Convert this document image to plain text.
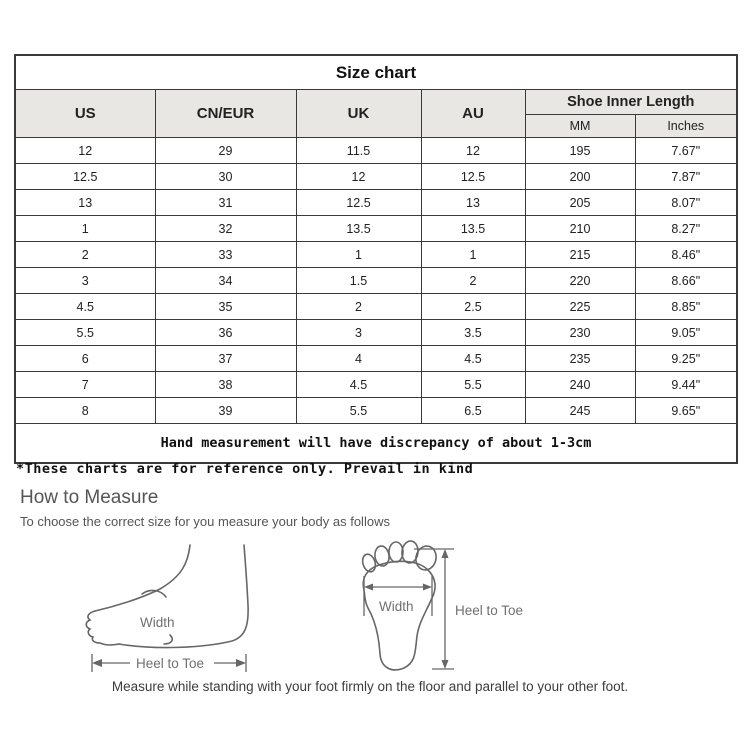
Size chart					
US	CN/EUR	UK	AU	Shoe Inner Length	
				MM	Inches
12	29	11.5	12	195	7.67"
12.5	30	12	12.5	200	7.87"
13	31	12.5	13	205	8.07"
1	32	13.5	13.5	210	8.27"
2	33	1	1	215	8.46"
3	34	1.5	2	220	8.66"
4.5	35	2	2.5	225	8.85"
5.5	36	3	3.5	230	9.05"
6	37	4	4.5	235	9.25"
7	38	4.5	5.5	240	9.44"
8	39	5.5	6.5	245	9.65"
Hand measurement will have discrepancy of about 1-3cm					
*These charts are for reference only. Prevail in kind
How to Measure
To choose the correct size for you measure your body as follows
Width
Heel to Toe
Width	Heel to Toe
Measure while standing with your foot firmly on the floor and parallel to your other foot.
